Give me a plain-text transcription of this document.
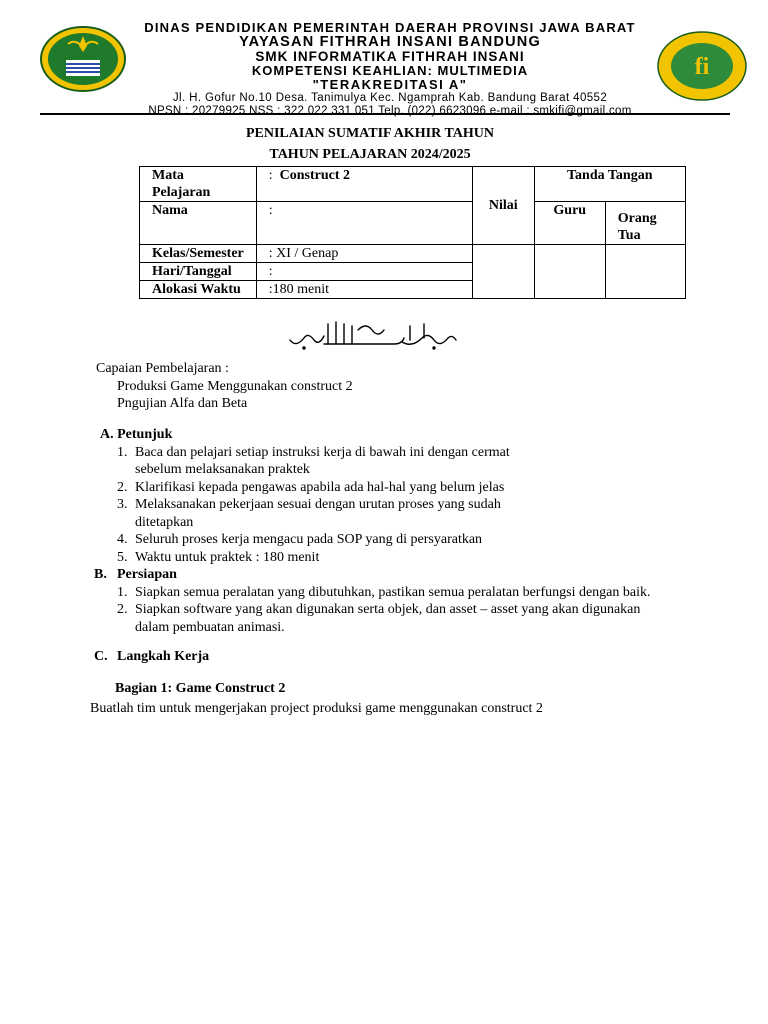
DINAS PENDIDIKAN PEMERINTAH DAERAH PROVINSI JAWA BARAT
YAYASAN FITHRAH INSANI BANDUNG
SMK INFORMATIKA FITHRAH INSANI
KOMPETENSI KEAHLIAN: MULTIMEDIA
"TERAKREDITASI A"
Jl. H. Gofur No.10 Desa. Tanimulya Kec. Ngamprah Kab. Bandung Barat 40552
NPSN : 20279925 NSS : 322 022 331 051 Telp. (022) 6623096 e-mail : smkifi@gmail.com
fi
PENILAIAN SUMATIF AKHIR TAHUN
TAHUN PELAJARAN 2024/2025
Mata Pelajaran	:  Construct 2	Nilai	Tanda Tangan	
Nama	:		Guru	Orang Tua
Kelas/Semester	: XI / Genap			
Hari/Tanggal	:			
Alokasi Waktu	:180 menit			
Capaian Pembelajaran :
Produksi Game Menggunakan construct 2
Pngujian Alfa dan Beta
A. Petunjuk
1. Baca dan pelajari setiap instruksi kerja di bawah ini dengan cermat sebelum melaksanakan praktek
2. Klarifikasi kepada pengawas apabila ada hal-hal yang belum jelas
3. Melaksanakan pekerjaan sesuai dengan urutan proses yang sudah ditetapkan
4. Seluruh proses kerja mengacu pada SOP yang di persyaratkan
5. Waktu untuk praktek : 180 menit
B. Persiapan
1. Siapkan semua peralatan yang dibutuhkan, pastikan semua peralatan berfungsi dengan baik.
2. Siapkan software yang akan digunakan serta objek, dan asset – asset yang akan digunakan dalam pembuatan animasi.
C. Langkah Kerja
Bagian 1: Game Construct 2
Buatlah tim untuk mengerjakan project produksi game menggunakan construct 2
